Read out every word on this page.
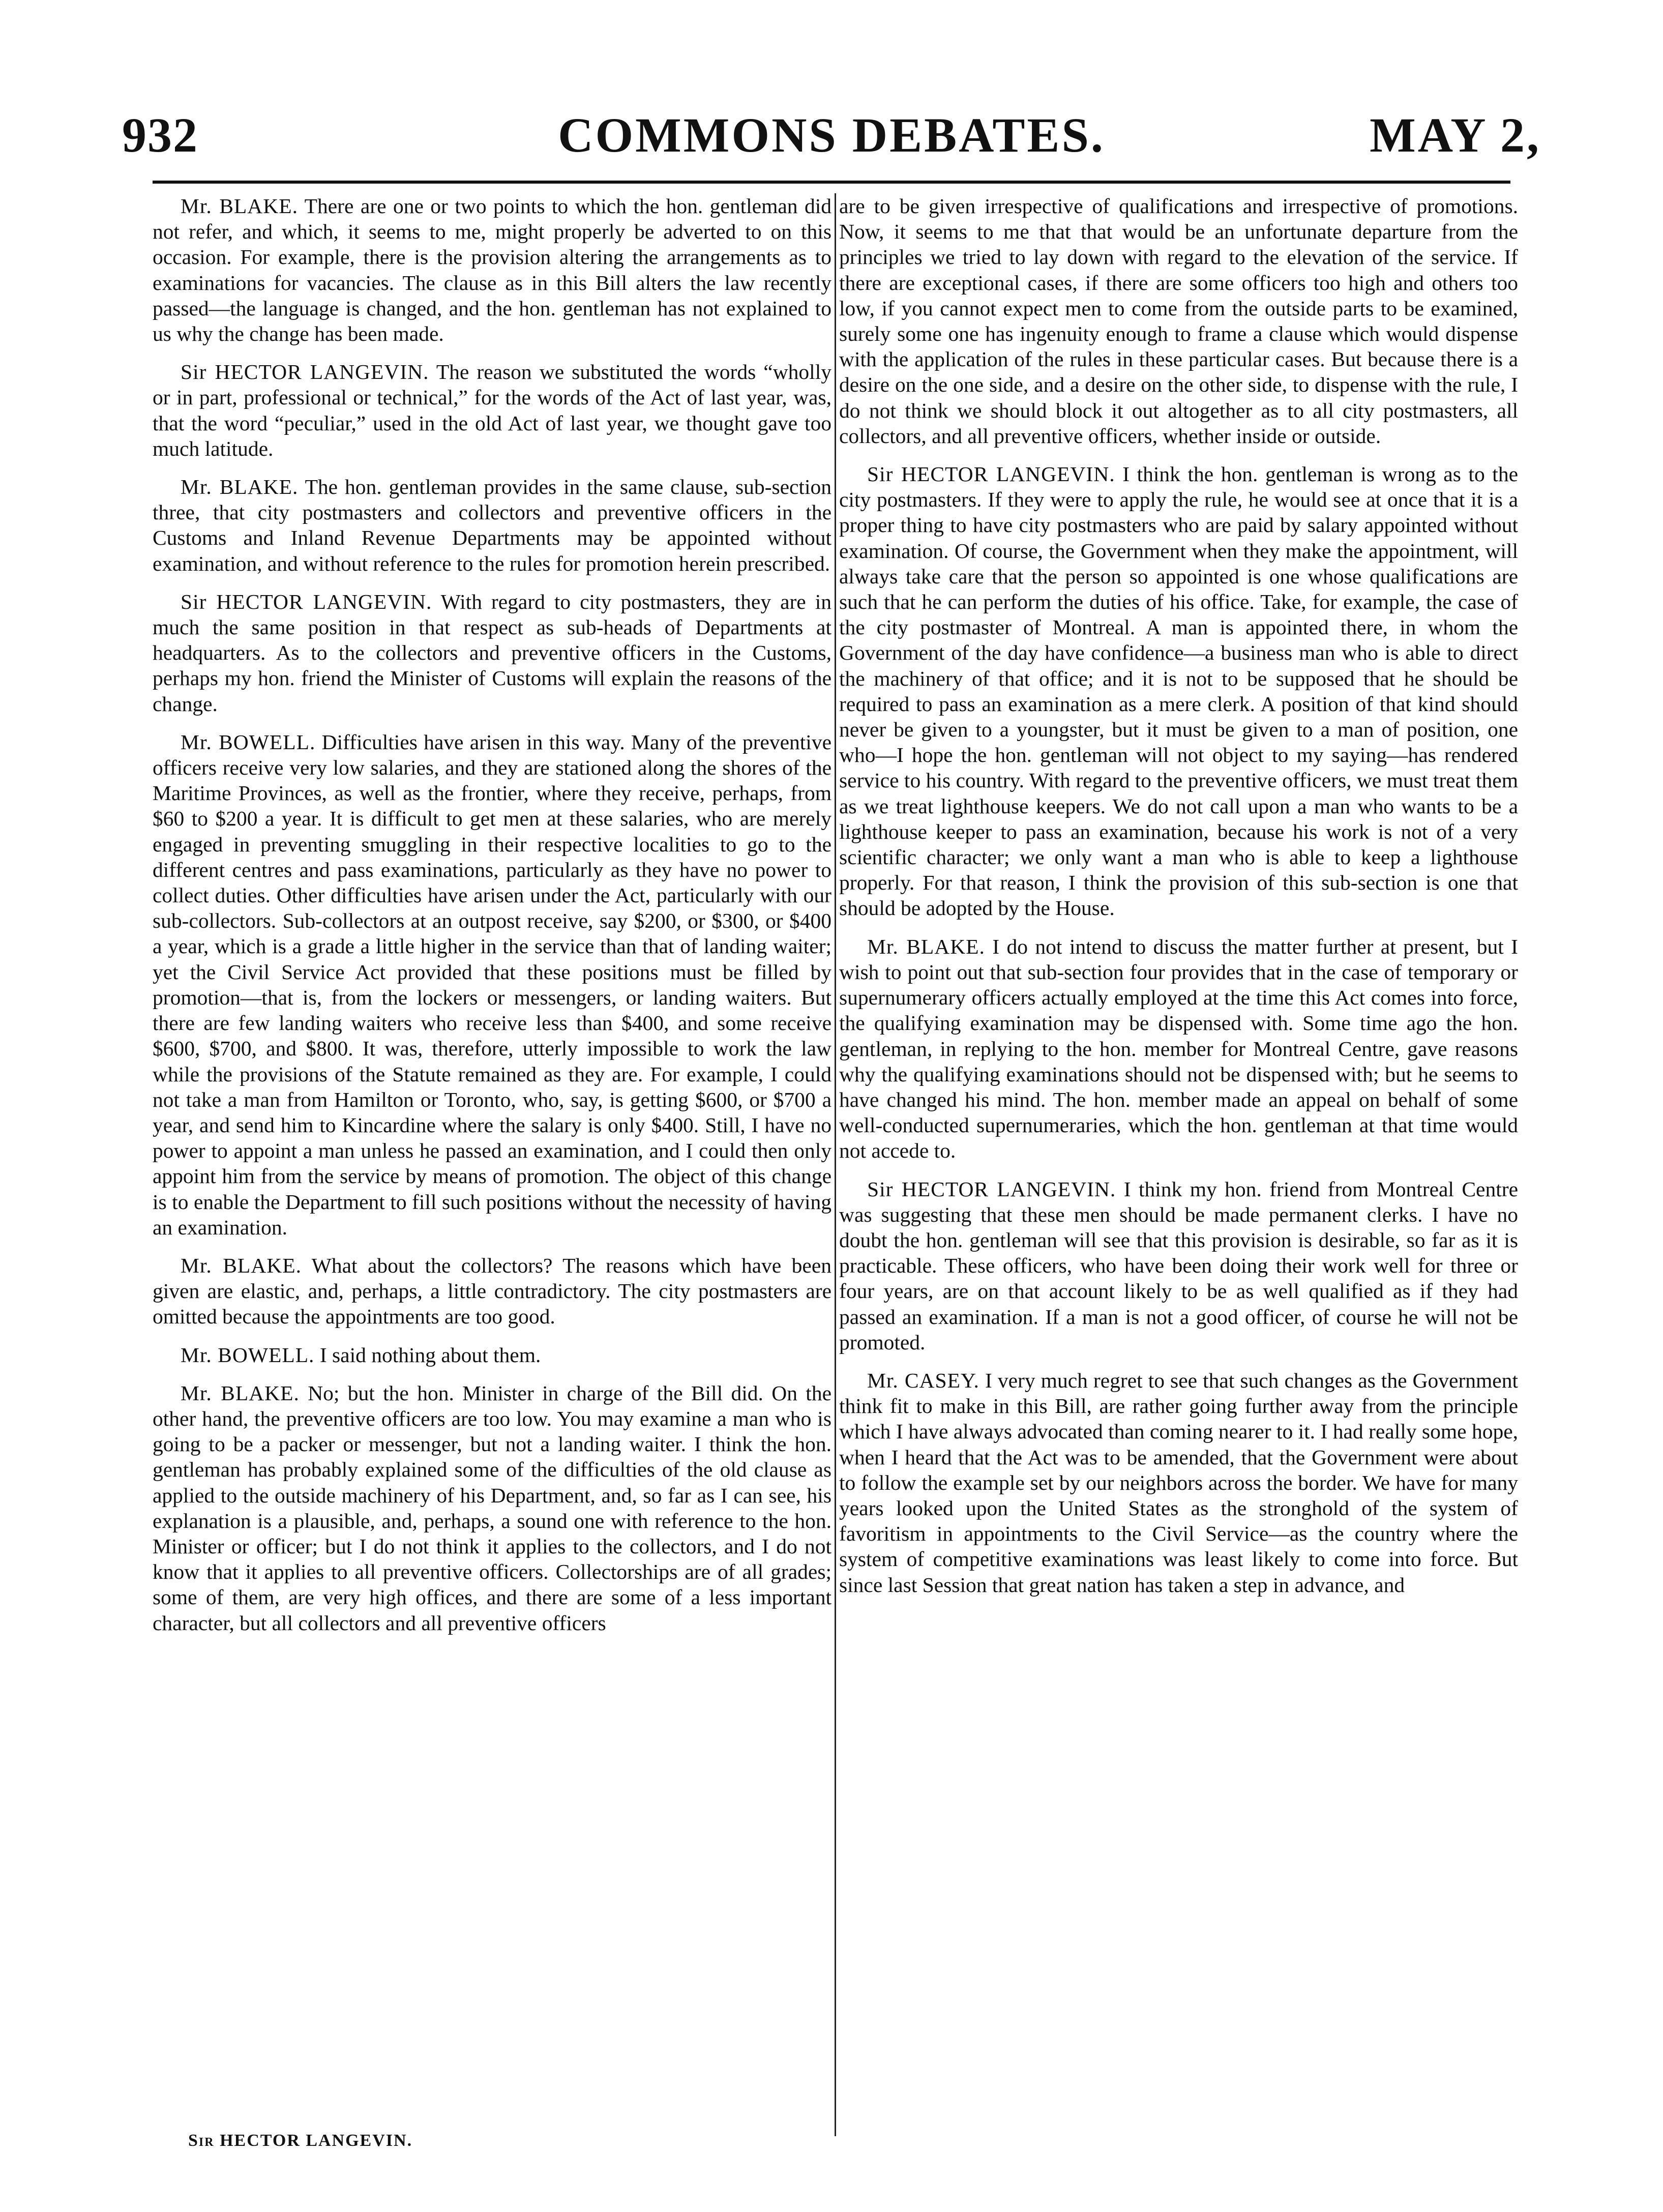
932	COMMONS DEBATES.	MAY 2,

Mr. BLAKE. There are one or two points to which the hon. gentleman did not refer, and which, it seems to me, might properly be adverted to on this occasion. For example, there is the provision altering the arrangements as to examinations for vacancies. The clause as in this Bill alters the law recently passed—the language is changed, and the hon. gentleman has not explained to us why the change has been made.

Sir HECTOR LANGEVIN. The reason we substituted the words “wholly or in part, professional or technical,” for the words of the Act of last year, was, that the word “peculiar,” used in the old Act of last year, we thought gave too much latitude.

Mr. BLAKE. The hon. gentleman provides in the same clause, sub-section three, that city postmasters and collectors and preventive officers in the Customs and Inland Revenue Departments may be appointed without examination, and without reference to the rules for promotion herein prescribed.

Sir HECTOR LANGEVIN. With regard to city postmasters, they are in much the same position in that respect as sub-heads of Departments at headquarters. As to the collectors and preventive officers in the Customs, perhaps my hon. friend the Minister of Customs will explain the reasons of the change.

Mr. BOWELL. Difficulties have arisen in this way. Many of the preventive officers receive very low salaries, and they are stationed along the shores of the Maritime Provinces, as well as the frontier, where they receive, perhaps, from $60 to $200 a year. It is difficult to get men at these salaries, who are merely engaged in preventing smuggling in their respective localities to go to the different centres and pass examinations, particularly as they have no power to collect duties. Other difficulties have arisen under the Act, particularly with our sub-collectors. Sub-collectors at an outpost receive, say $200, or $300, or $400 a year, which is a grade a little higher in the service than that of landing waiter; yet the Civil Service Act provided that these positions must be filled by promotion—that is, from the lockers or messengers, or landing waiters. But there are few landing waiters who receive less than $400, and some receive $600, $700, and $800. It was, therefore, utterly impossible to work the law while the provisions of the Statute remained as they are. For example, I could not take a man from Hamilton or Toronto, who, say, is getting $600, or $700 a year, and send him to Kincardine where the salary is only $400. Still, I have no power to appoint a man unless he passed an examination, and I could then only appoint him from the service by means of promotion. The object of this change is to enable the Department to fill such positions without the necessity of having an examination.

Mr. BLAKE. What about the collectors? The reasons which have been given are elastic, and, perhaps, a little contradictory. The city postmasters are omitted because the appointments are too good.

Mr. BOWELL. I said nothing about them.

Mr. BLAKE. No; but the hon. Minister in charge of the Bill did. On the other hand, the preventive officers are too low. You may examine a man who is going to be a packer or messenger, but not a landing waiter. I think the hon. gentleman has probably explained some of the difficulties of the old clause as applied to the outside machinery of his Department, and, so far as I can see, his explanation is a plausible, and, perhaps, a sound one with reference to the hon. Minister or officer; but I do not think it applies to the collectors, and I do not know that it applies to all preventive officers. Collectorships are of all grades; some of them, are very high offices, and there are some of a less important character, but all collectors and all preventive officers

are to be given irrespective of qualifications and irrespective of promotions. Now, it seems to me that that would be an unfortunate departure from the principles we tried to lay down with regard to the elevation of the service. If there are exceptional cases, if there are some officers too high and others too low, if you cannot expect men to come from the outside parts to be examined, surely some one has ingenuity enough to frame a clause which would dispense with the application of the rules in these particular cases. But because there is a desire on the one side, and a desire on the other side, to dispense with the rule, I do not think we should block it out altogether as to all city postmasters, all collectors, and all preventive officers, whether inside or outside.

Sir HECTOR LANGEVIN. I think the hon. gentleman is wrong as to the city postmasters. If they were to apply the rule, he would see at once that it is a proper thing to have city postmasters who are paid by salary appointed without examination. Of course, the Government when they make the appointment, will always take care that the person so appointed is one whose qualifications are such that he can perform the duties of his office. Take, for example, the case of the city postmaster of Montreal. A man is appointed there, in whom the Government of the day have confidence—a business man who is able to direct the machinery of that office; and it is not to be supposed that he should be required to pass an examination as a mere clerk. A position of that kind should never be given to a youngster, but it must be given to a man of position, one who—I hope the hon. gentleman will not object to my saying—has rendered service to his country. With regard to the preventive officers, we must treat them as we treat lighthouse keepers. We do not call upon a man who wants to be a lighthouse keeper to pass an examination, because his work is not of a very scientific character; we only want a man who is able to keep a lighthouse properly. For that reason, I think the provision of this sub-section is one that should be adopted by the House.

Mr. BLAKE. I do not intend to discuss the matter further at present, but I wish to point out that sub-section four provides that in the case of temporary or supernumerary officers actually employed at the time this Act comes into force, the qualifying examination may be dispensed with. Some time ago the hon. gentleman, in replying to the hon. member for Montreal Centre, gave reasons why the qualifying examinations should not be dispensed with; but he seems to have changed his mind. The hon. member made an appeal on behalf of some well-conducted supernumeraries, which the hon. gentleman at that time would not accede to.

Sir HECTOR LANGEVIN. I think my hon. friend from Montreal Centre was suggesting that these men should be made permanent clerks. I have no doubt the hon. gentleman will see that this provision is desirable, so far as it is practicable. These officers, who have been doing their work well for three or four years, are on that account likely to be as well qualified as if they had passed an examination. If a man is not a good officer, of course he will not be promoted.

Mr. CASEY. I very much regret to see that such changes as the Government think fit to make in this Bill, are rather going further away from the principle which I have always advocated than coming nearer to it. I had really some hope, when I heard that the Act was to be amended, that the Government were about to follow the example set by our neighbors across the border. We have for many years looked upon the United States as the stronghold of the system of favoritism in appointments to the Civil Service—as the country where the system of competitive examinations was least likely to come into force. But since last Session that great nation has taken a step in advance, and

Sir HECTOR LANGEVIN.
